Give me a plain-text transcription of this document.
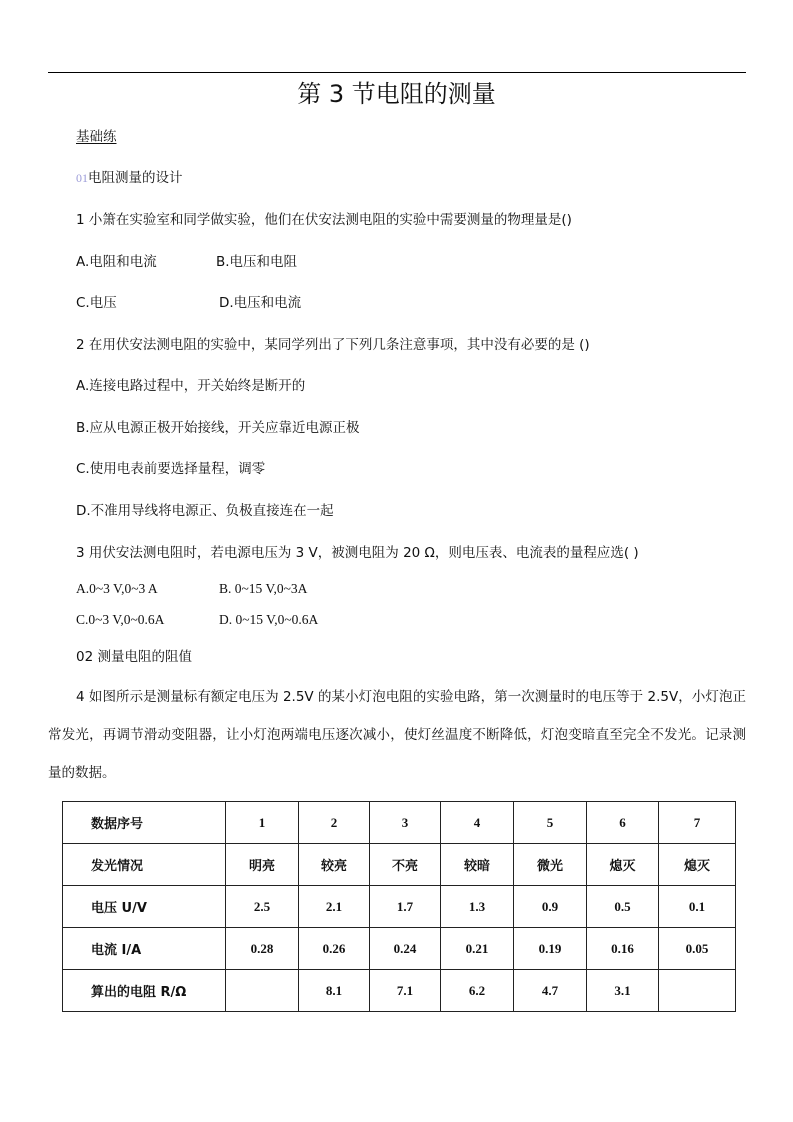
第 3 节电阻的测量
基础练
01电阻测量的设计
1 小箫在实验室和同学做实验，他们在伏安法测电阻的实验中需要测量的物理量是()
A.电阻和电流	B.电压和电阻
C.电压	D.电压和电流
2 在用伏安法测电阻的实验中，某同学列出了下列几条注意事项，其中没有必要的是 ()
A.连接电路过程中，开关始终是断开的
B.应从电源正极开始接线，开关应靠近电源正极
C.使用电表前要选择量程，调零
D.不准用导线将电源正、负极直接连在一起
3 用伏安法测电阻时，若电源电压为 3 V，被测电阻为 20 Ω，则电压表、电流表的量程应选( )
A.0~3 V,0~3 A	B. 0~15 V,0~3A
C.0~3 V,0~0.6A	D. 0~15 V,0~0.6A
02 测量电阻的阻值
4 如图所示是测量标有额定电压为 2.5V 的某小灯泡电阻的实验电路，第一次测量时的电压等于 2.5V，小灯泡正常发光，再调节滑动变阻器，让小灯泡两端电压逐次减小，使灯丝温度不断降低，灯泡变暗直至完全不发光。记录测量的数据。
数据序号	1	2	3	4	5	6	7
发光情况	明亮	较亮	不亮	较暗	微光	熄灭	熄灭
电压 U/V	2.5	2.1	1.7	1.3	0.9	0.5	0.1
电流 I/A	0.28	0.26	0.24	0.21	0.19	0.16	0.05
算出的电阻 R/Ω		8.1	7.1	6.2	4.7	3.1	
